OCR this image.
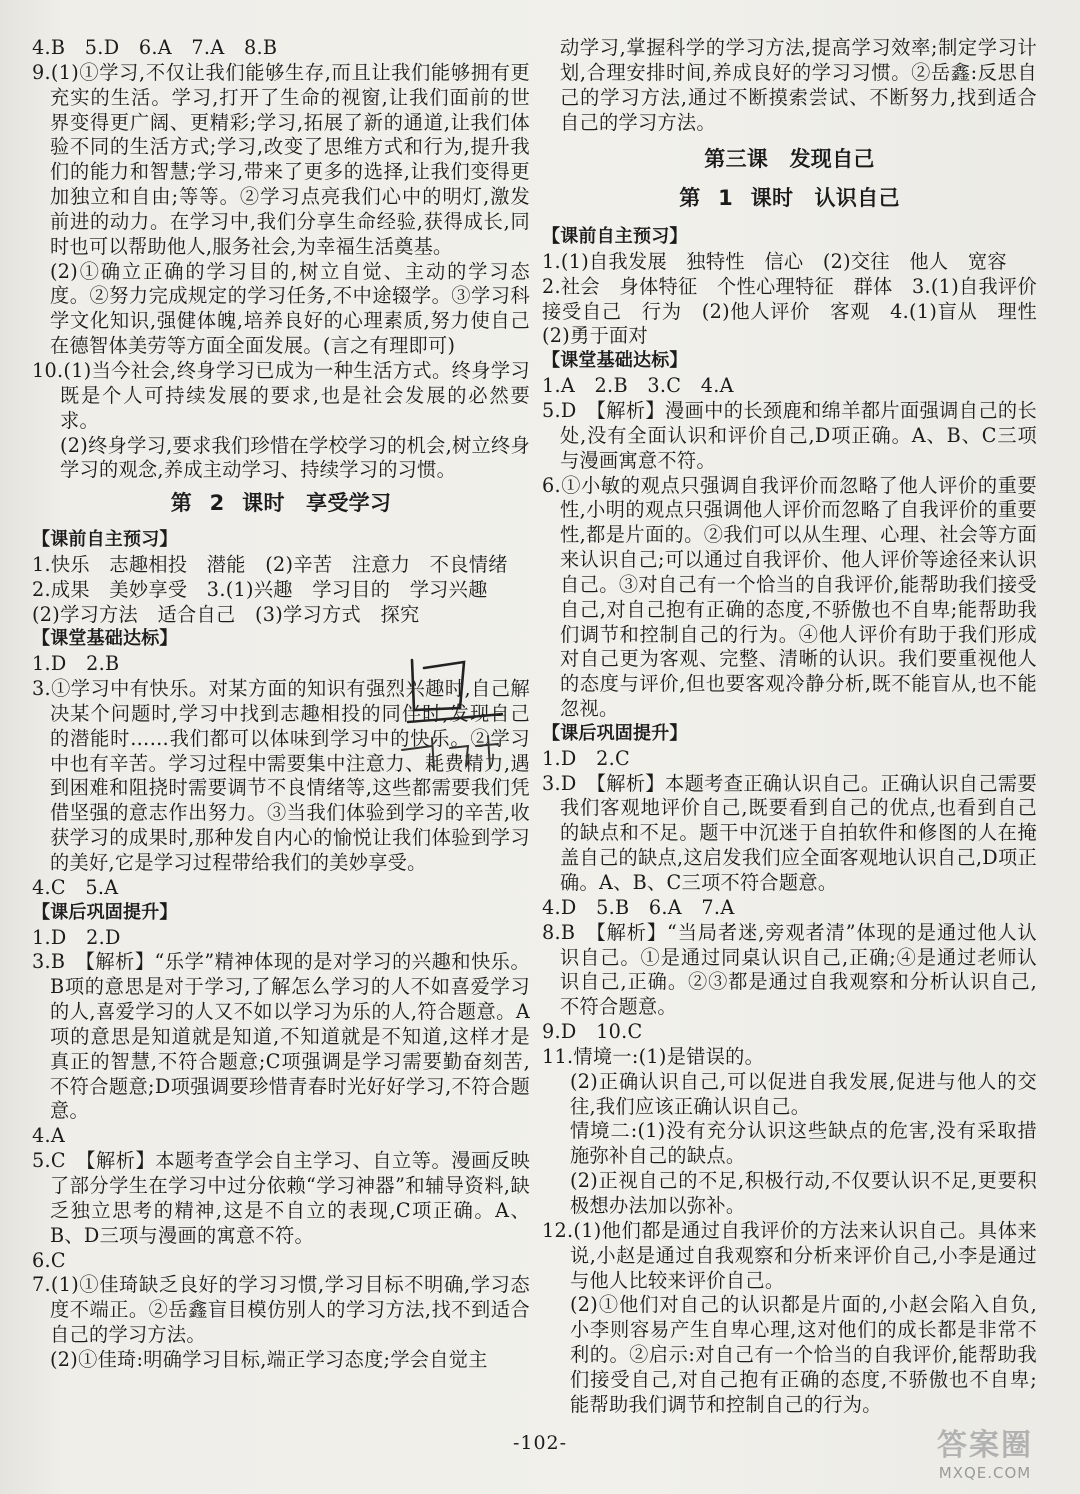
4.B　5.D　6.A　7.A　8.B

9.(1)①学习,不仅让我们能够生存,而且让我们能够拥有更充实的生活。学习,打开了生命的视窗,让我们面前的世界变得更广阔、更精彩;学习,拓展了新的通道,让我们体验不同的生活方式;学习,改变了思维方式和行为,提升我们的能力和智慧;学习,带来了更多的选择,让我们变得更加独立和自由;等等。②学习点亮我们心中的明灯,激发前进的动力。在学习中,我们分享生命经验,获得成长,同时也可以帮助他人,服务社会,为幸福生活奠基。

(2)①确立正确的学习目的,树立自觉、主动的学习态度。②努力完成规定的学习任务,不中途辍学。③学习科学文化知识,强健体魄,培养良好的心理素质,努力使自己在德智体美劳等方面全面发展。(言之有理即可)

10.(1)当今社会,终身学习已成为一种生活方式。终身学习既是个人可持续发展的要求,也是社会发展的必然要求。

(2)终身学习,要求我们珍惜在学校学习的机会,树立终身学习的观念,养成主动学习、持续学习的习惯。

第 2 课时　享受学习

【课前自主预习】

1.快乐　志趣相投　潜能　(2)辛苦　注意力　不良情绪

2.成果　美妙享受　3.(1)兴趣　学习目的　学习兴趣

(2)学习方法　适合自己　(3)学习方式　探究

【课堂基础达标】

1.D　2.B

3.①学习中有快乐。对某方面的知识有强烈兴趣时,自己解决某个问题时,学习中找到志趣相投的同伴时,发现自己的潜能时……我们都可以体味到学习中的快乐。②学习中也有辛苦。学习过程中需要集中注意力、耗费精力,遇到困难和阻挠时需要调节不良情绪等,这些都需要我们凭借坚强的意志作出努力。③当我们体验到学习的辛苦,收获学习的成果时,那种发自内心的愉悦让我们体验到学习的美好,它是学习过程带给我们的美妙享受。

4.C　5.A

【课后巩固提升】

1.D　2.D

3.B　【解析】“乐学”精神体现的是对学习的兴趣和快乐。B项的意思是对于学习,了解怎么学习的人不如喜爱学习的人,喜爱学习的人又不如以学习为乐的人,符合题意。A项的意思是知道就是知道,不知道就是不知道,这样才是真正的智慧,不符合题意;C项强调是学习需要勤奋刻苦,不符合题意;D项强调要珍惜青春时光好好学习,不符合题意。

4.A

5.C　【解析】本题考查学会自主学习、自立等。漫画反映了部分学生在学习中过分依赖“学习神器”和辅导资料,缺乏独立思考的精神,这是不自立的表现,C项正确。A、B、D三项与漫画的寓意不符。

6.C

7.(1)①佳琦缺乏良好的学习习惯,学习目标不明确,学习态度不端正。②岳鑫盲目模仿别人的学习方法,找不到适合自己的学习方法。

(2)①佳琦:明确学习目标,端正学习态度;学会自觉主

动学习,掌握科学的学习方法,提高学习效率;制定学习计划,合理安排时间,养成良好的学习习惯。②岳鑫:反思自己的学习方法,通过不断摸索尝试、不断努力,找到适合自己的学习方法。

第三课　发现自己

第 1 课时　认识自己

【课前自主预习】

1.(1)自我发展　独特性　信心　(2)交往　他人　宽容

2.社会　身体特征　个性心理特征　群体　3.(1)自我评价　接受自己　行为　(2)他人评价　客观　4.(1)盲从　理性　(2)勇于面对

【课堂基础达标】

1.A　2.B　3.C　4.A

5.D　【解析】漫画中的长颈鹿和绵羊都片面强调自己的长处,没有全面认识和评价自己,D项正确。A、B、C三项与漫画寓意不符。

6.①小敏的观点只强调自我评价而忽略了他人评价的重要性,小明的观点只强调他人评价而忽略了自我评价的重要性,都是片面的。②我们可以从生理、心理、社会等方面来认识自己;可以通过自我评价、他人评价等途径来认识自己。③对自己有一个恰当的自我评价,能帮助我们接受自己,对自己抱有正确的态度,不骄傲也不自卑;能帮助我们调节和控制自己的行为。④他人评价有助于我们形成对自己更为客观、完整、清晰的认识。我们要重视他人的态度与评价,但也要客观冷静分析,既不能盲从,也不能忽视。

【课后巩固提升】

1.D　2.C

3.D　【解析】本题考查正确认识自己。正确认识自己需要我们客观地评价自己,既要看到自己的优点,也看到自己的缺点和不足。题干中沉迷于自拍软件和修图的人在掩盖自己的缺点,这启发我们应全面客观地认识自己,D项正确。A、B、C三项不符合题意。

4.D　5.B　6.A　7.A

8.B　【解析】“当局者迷,旁观者清”体现的是通过他人认识自己。①是通过同桌认识自己,正确;④是通过老师认识自己,正确。②③都是通过自我观察和分析认识自己,不符合题意。

9.D　10.C

11.情境一:(1)是错误的。

(2)正确认识自己,可以促进自我发展,促进与他人的交往,我们应该正确认识自己。

情境二:(1)没有充分认识这些缺点的危害,没有采取措施弥补自己的缺点。

(2)正视自己的不足,积极行动,不仅要认识不足,更要积极想办法加以弥补。

12.(1)他们都是通过自我评价的方法来认识自己。具体来说,小赵是通过自我观察和分析来评价自己,小李是通过与他人比较来评价自己。

(2)①他们对自己的认识都是片面的,小赵会陷入自负,小李则容易产生自卑心理,这对他们的成长都是非常不利的。②启示:对自己有一个恰当的自我评价,能帮助我们接受自己,对自己抱有正确的态度,不骄傲也不自卑;能帮助我们调节和控制自己的行为。

-102-	答案圈
MXQE.COM
